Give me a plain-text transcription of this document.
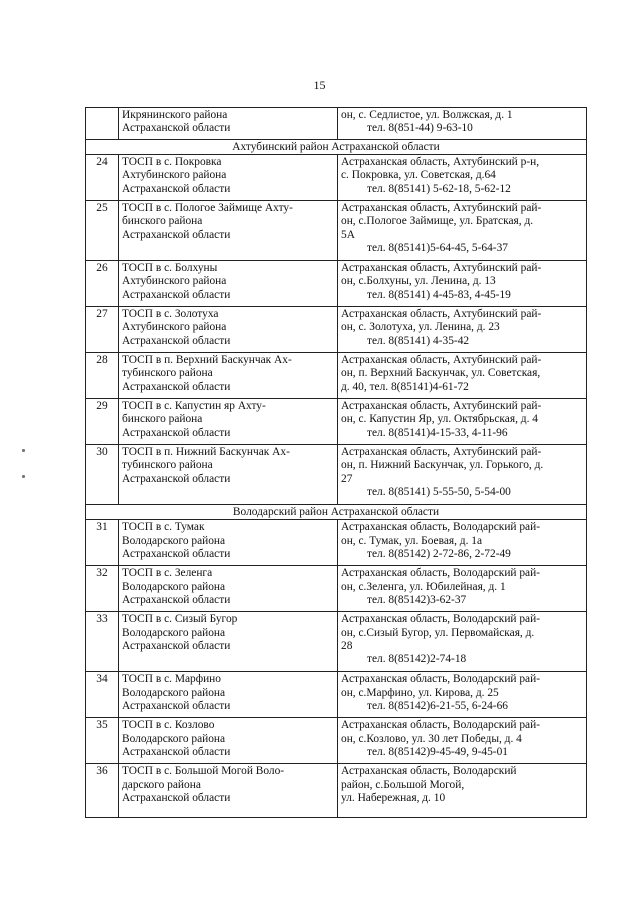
15

	Икрянинского района
Астраханской области	он, с. Седлистое, ул. Волжская, д. 1
тел. 8(851-44) 9-63-10

Ахтубинский район Астраханской области		
24	ТОСП в с. Покровка
Ахтубинского района
Астраханской области	Астраханская область, Ахтубинский р-н,
с. Покровка, ул. Советская, д.64
тел. 8(85141) 5-62-18, 5-62-12

25	ТОСП в с. Пологое Займище Ахту-
бинского района
Астраханской области	Астраханская область, Ахтубинский рай-
он, с.Пологое Займище, ул. Братская, д.
5А
тел. 8(85141)5-64-45, 5-64-37

26	ТОСП в с. Болхуны
Ахтубинского района
Астраханской области	Астраханская область, Ахтубинский рай-
он, с.Болхуны, ул. Ленина, д. 13
тел. 8(85141) 4-45-83, 4-45-19

27	ТОСП в с. Золотуха
Ахтубинского района
Астраханской области	Астраханская область, Ахтубинский рай-
он, с. Золотуха, ул. Ленина, д. 23
тел. 8(85141) 4-35-42

28	ТОСП в п. Верхний Баскунчак Ах-
тубинского района
Астраханской области	Астраханская область, Ахтубинский рай-
он, п. Верхний Баскунчак, ул. Советская,
д. 40, тел. 8(85141)4-61-72

29	ТОСП в с. Капустин яр Ахту-
бинского района
Астраханской области	Астраханская область, Ахтубинский рай-
он, с. Капустин Яр, ул. Октябрьская, д. 4
тел. 8(85141)4-15-33, 4-11-96

30	ТОСП в п. Нижний Баскунчак Ах-
тубинского района
Астраханской области	Астраханская область, Ахтубинский рай-
он, п. Нижний Баскунчак, ул. Горького, д.
27
тел. 8(85141) 5-55-50, 5-54-00

Володарский район Астраханской области		
31	ТОСП в с. Тумак
Володарского района
Астраханской области	Астраханская область, Володарский рай-
он, с. Тумак, ул. Боевая, д. 1а
тел. 8(85142) 2-72-86, 2-72-49

32	ТОСП в с. Зеленга
Володарского района
Астраханской области	Астраханская область, Володарский рай-
он, с.Зеленга, ул. Юбилейная, д. 1
тел. 8(85142)3-62-37

33	ТОСП в с. Сизый Бугор
Володарского района
Астраханской области	Астраханская область, Володарский рай-
он, с.Сизый Бугор, ул. Первомайская, д.
28
тел. 8(85142)2-74-18

34	ТОСП в с. Марфино
Володарского района
Астраханской области	Астраханская область, Володарский рай-
он, с.Марфино, ул. Кирова, д. 25
тел. 8(85142)6-21-55, 6-24-66

35	ТОСП в с. Козлово
Володарского района
Астраханской области	Астраханская область, Володарский рай-
он, с.Козлово, ул. 30 лет Победы, д. 4
тел. 8(85142)9-45-49, 9-45-01

36	ТОСП в с. Большой Могой Воло-
дарского района
Астраханской области	Астраханская область, Володарский
район, с.Большой Могой,
ул. Набережная, д. 10
